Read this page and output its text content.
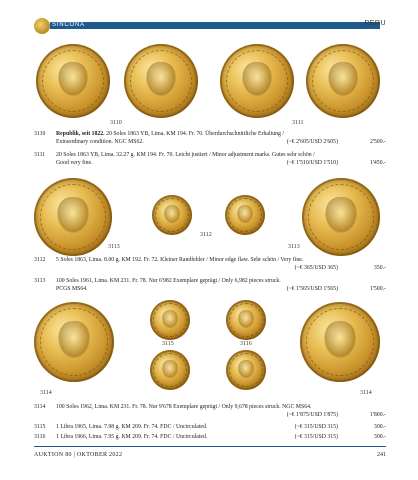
SINCONA	PERU
3110	3111
3110	Republik, seit 1822. 20 Soles 1863 YB, Lima. KM 194. Fr. 70. Überdurchschnittliche Erhaltung /
Extraordinary condition. NGC MS62.	(~€ 2'605/USD 2'605)	2'500.-
3111	20 Soles 1863 YB, Lima. 32.27 g. KM 194. Fr. 70. Leicht justiert / Minor adjustment marks. Gutes sehr schön /
Good very fine.	(~€ 1'510/USD 1'510)	1'450.-
3113
3112
3113
3112	5 Soles 1863, Lima. 8.00 g. KM 192. Fr. 72. Kleiner Randfehler / Minor edge flaw. Sehr schön / Very fine.

(~€ 365/USD 365)	350.-
3113	100 Soles 1961, Lima. KM 231. Fr. 78. Nur 6'982 Exemplare geprägt / Only 6,982 pieces struck.
PCGS MS64.	(~€ 1'565/USD 1'565)	1'500.-
3115	3116
3114	3114
3114	100 Soles 1962, Lima. KM 231. Fr. 78. Nur 9'678 Exemplare geprägt / Only 9,678 pieces struck. NGC MS64.

(~€ 1'875/USD 1'875)	1'800.-
3115	1 Libra 1965, Lima. 7.98 g. KM 209. Fr. 74. FDC / Uncirculated.	(~€ 315/USD 315)	300.-
3116	1 Libra 1966, Lima. 7.95 g. KM 209. Fr. 74. FDC / Uncirculated.	(~€ 315/USD 315)	300.-
AUKTION 80 | OKTOBER 2022	241
